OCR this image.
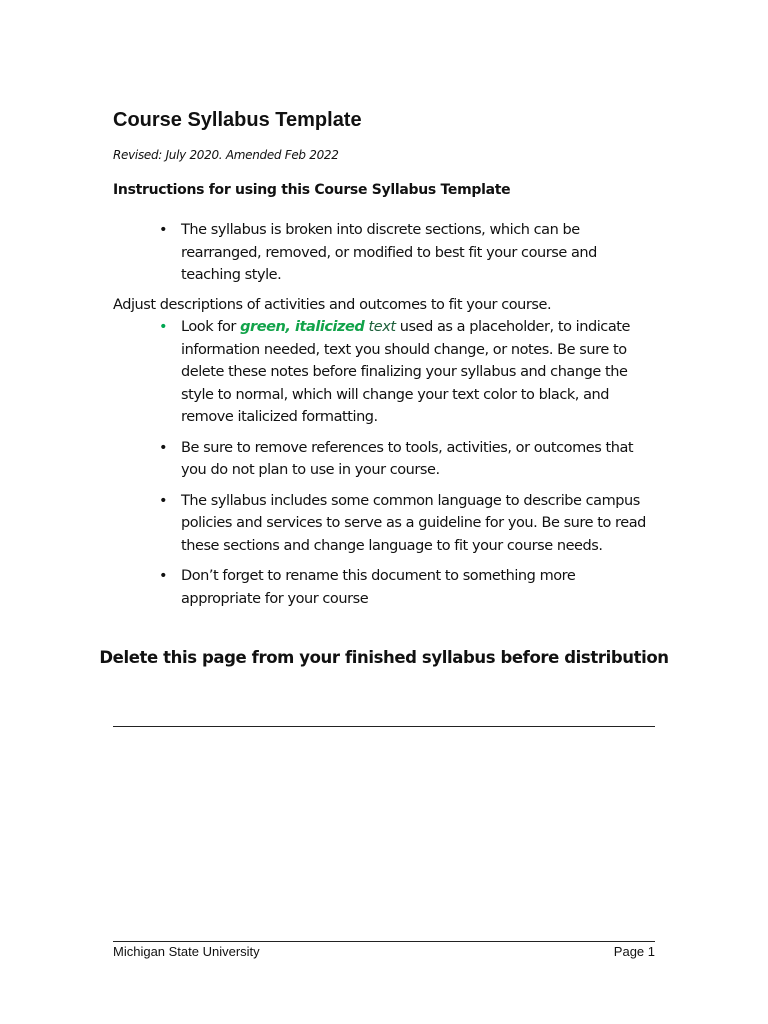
Course Syllabus Template

Revised: July 2020. Amended Feb 2022

Instructions for using this Course Syllabus Template

• The syllabus is broken into discrete sections, which can be rearranged, removed, or modified to best fit your course and teaching style.
Adjust descriptions of activities and outcomes to fit your course.
• Look for green, italicized text used as a placeholder, to indicate information needed, text you should change, or notes. Be sure to delete these notes before finalizing your syllabus and change the style to normal, which will change your text color to black, and remove italicized formatting.
• Be sure to remove references to tools, activities, or outcomes that you do not plan to use in your course.
• The syllabus includes some common language to describe campus policies and services to serve as a guideline for you. Be sure to read these sections and change language to fit your course needs.
• Don’t forget to rename this document to something more appropriate for your course
Delete this page from your finished syllabus before distribution
Michigan State University	Page 1
